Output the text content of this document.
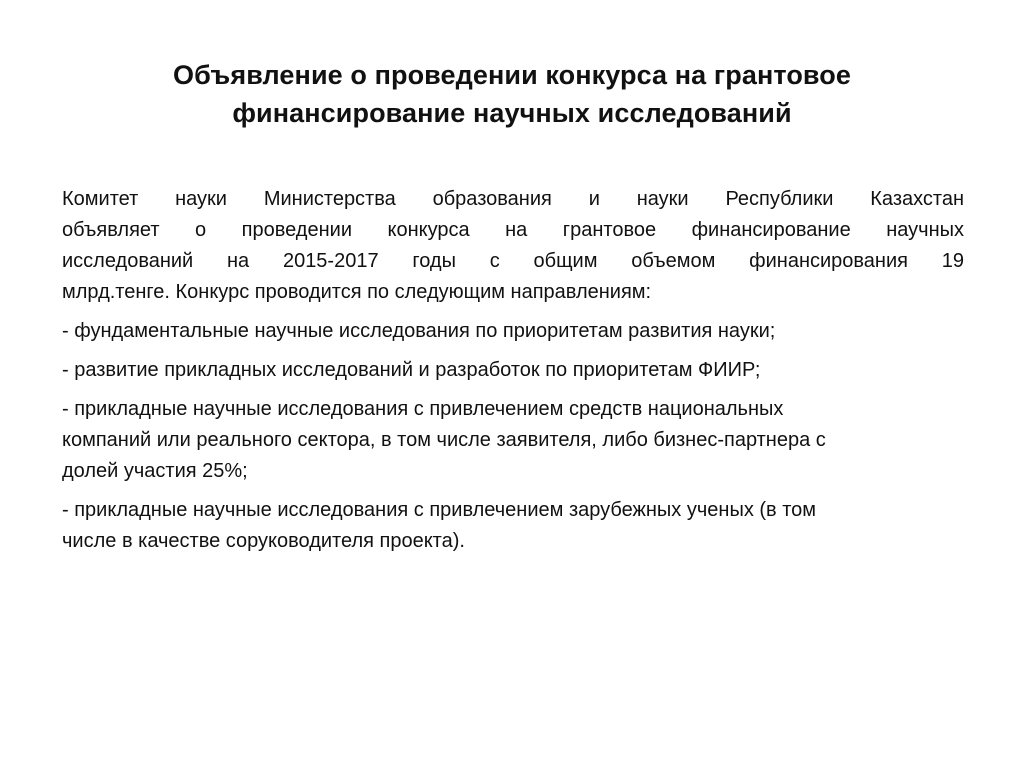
Объявление о проведении конкурса на грантовое
финансирование научных исследований
Комитет науки Министерства образования и науки Республики Казахстан
объявляет о проведении конкурса на грантовое финансирование научных
исследований на 2015-2017 годы с общим объемом финансирования 19
млрд.тенге. Конкурс проводится по следующим направлениям:
- фундаментальные научные исследования по приоритетам развития науки;
- развитие прикладных исследований и разработок по приоритетам ФИИР;
- прикладные научные исследования с привлечением средств национальных
компаний или реального сектора, в том числе заявителя, либо бизнес-партнера с
долей участия 25%;
- прикладные научные исследования с привлечением зарубежных ученых (в том
числе в качестве соруководителя проекта).
